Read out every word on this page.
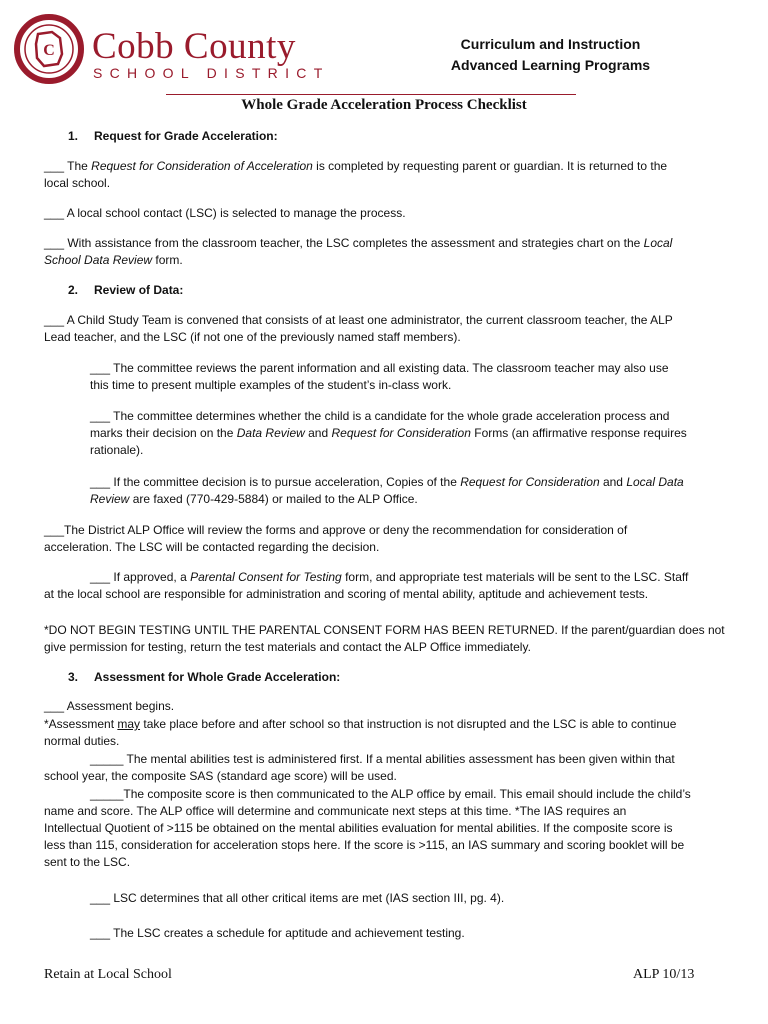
C Cobb County
SCHOOL DISTRICT
Curriculum and Instruction
Advanced Learning Programs
Whole Grade Acceleration Process Checklist
1. Request for Grade Acceleration:
___ The Request for Consideration of Acceleration is completed by requesting parent or guardian. It is returned to the
local school.
___ A local school contact (LSC) is selected to manage the process.
___ With assistance from the classroom teacher, the LSC completes the assessment and strategies chart on the Local
School Data Review form.
2. Review of Data:
___ A Child Study Team is convened that consists of at least one administrator, the current classroom teacher, the ALP
Lead teacher, and the LSC (if not one of the previously named staff members).
___ The committee reviews the parent information and all existing data. The classroom teacher may also use
this time to present multiple examples of the student’s in-class work.
___ The committee determines whether the child is a candidate for the whole grade acceleration process and
marks their decision on the Data Review and Request for Consideration Forms (an affirmative response requires
rationale).
___ If the committee decision is to pursue acceleration, Copies of the Request for Consideration and Local Data
Review are faxed (770-429-5884) or mailed to the ALP Office.
___The District ALP Office will review the forms and approve or deny the recommendation for consideration of
acceleration. The LSC will be contacted regarding the decision.
___ If approved, a Parental Consent for Testing form, and appropriate test materials will be sent to the LSC. Staff
at the local school are responsible for administration and scoring of mental ability, aptitude and achievement tests.
*DO NOT BEGIN TESTING UNTIL THE PARENTAL CONSENT FORM HAS BEEN RETURNED. If the parent/guardian does not
give permission for testing, return the test materials and contact the ALP Office immediately.
3. Assessment for Whole Grade Acceleration:
___ Assessment begins.
*Assessment may take place before and after school so that instruction is not disrupted and the LSC is able to continue
normal duties.
_____ The mental abilities test is administered first. If a mental abilities assessment has been given within that
school year, the composite SAS (standard age score) will be used.
_____The composite score is then communicated to the ALP office by email. This email should include the child’s
name and score. The ALP office will determine and communicate next steps at this time. *The IAS requires an
Intellectual Quotient of >115 be obtained on the mental abilities evaluation for mental abilities. If the composite score is
less than 115, consideration for acceleration stops here. If the score is >115, an IAS summary and scoring booklet will be
sent to the LSC.
___ LSC determines that all other critical items are met (IAS section III, pg. 4).
___ The LSC creates a schedule for aptitude and achievement testing.
Retain at Local School	ALP 10/13
